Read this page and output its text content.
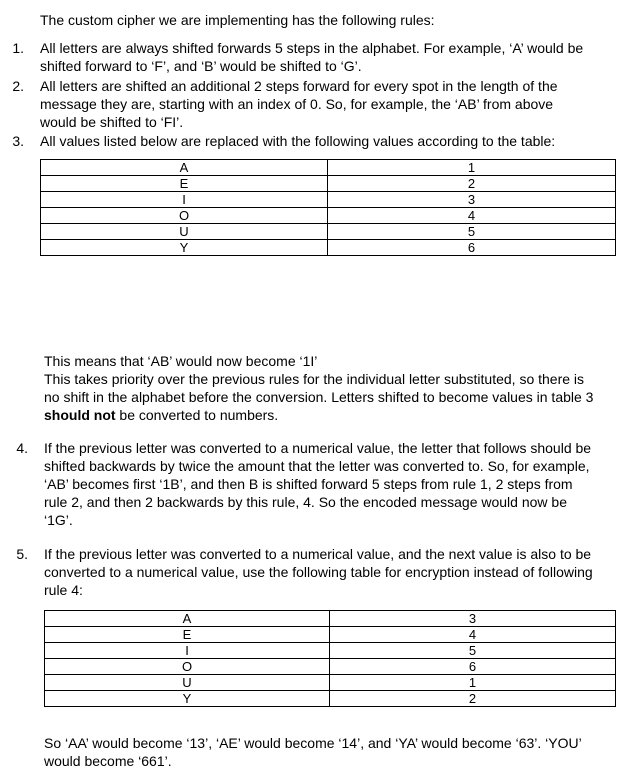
The custom cipher we are implementing has the following rules:
1. All letters are always shifted forwards 5 steps in the alphabet. For example, ‘A’ would be
shifted forward to ‘F’, and ‘B’ would be shifted to ‘G’.
2. All letters are shifted an additional 2 steps forward for every spot in the length of the
message they are, starting with an index of 0. So, for example, the ‘AB’ from above
would be shifted to ‘FI’.
3. All values listed below are replaced with the following values according to the table:
A	1
E	2
I	3
O	4
U	5
Y	6
This means that ‘AB’ would now become ‘1I’
This takes priority over the previous rules for the individual letter substituted, so there is
no shift in the alphabet before the conversion. Letters shifted to become values in table 3
should not be converted to numbers.
4. If the previous letter was converted to a numerical value, the letter that follows should be
shifted backwards by twice the amount that the letter was converted to. So, for example,
‘AB’ becomes first ‘1B’, and then B is shifted forward 5 steps from rule 1, 2 steps from
rule 2, and then 2 backwards by this rule, 4. So the encoded message would now be
‘1G’.
5. If the previous letter was converted to a numerical value, and the next value is also to be
converted to a numerical value, use the following table for encryption instead of following
rule 4:
A	3
E	4
I	5
O	6
U	1
Y	2
So ‘AA’ would become ‘13’, ‘AE’ would become ‘14’, and ‘YA’ would become ‘63’. ‘YOU’
would become ‘661’.
